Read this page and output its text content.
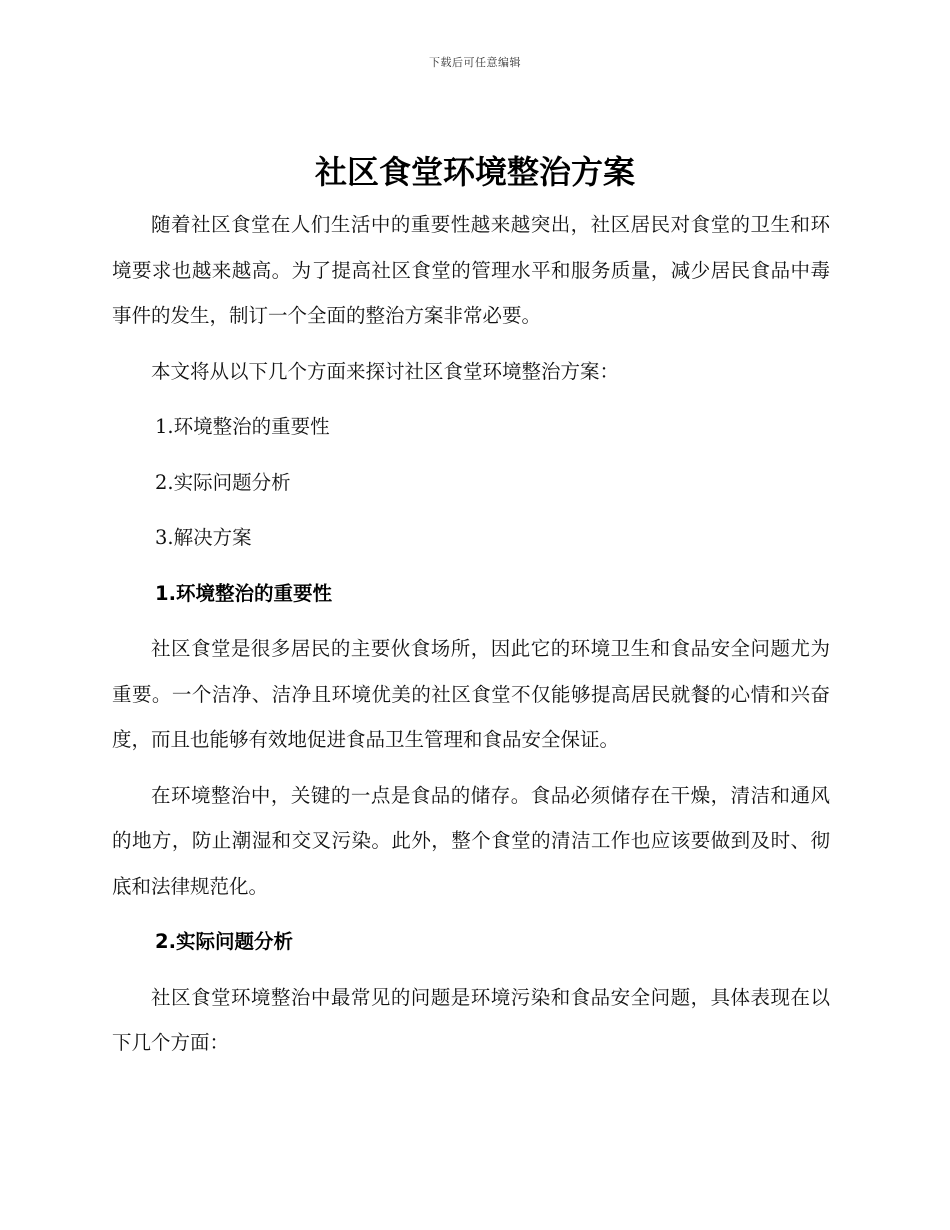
下载后可任意编辑
社区食堂环境整治方案

随着社区食堂在人们生活中的重要性越来越突出，社区居民对食堂的卫生和环境要求也越来越高。为了提高社区食堂的管理水平和服务质量，减少居民食品中毒事件的发生，制订一个全面的整治方案非常必要。

本文将从以下几个方面来探讨社区食堂环境整治方案：

1.环境整治的重要性

2.实际问题分析

3.解决方案

1.环境整治的重要性

社区食堂是很多居民的主要伙食场所，因此它的环境卫生和食品安全问题尤为重要。一个洁净、洁净且环境优美的社区食堂不仅能够提高居民就餐的心情和兴奋度，而且也能够有效地促进食品卫生管理和食品安全保证。

在环境整治中，关键的一点是食品的储存。食品必须储存在干燥，清洁和通风的地方，防止潮湿和交叉污染。此外，整个食堂的清洁工作也应该要做到及时、彻底和法律规范化。

2.实际问题分析

社区食堂环境整治中最常见的问题是环境污染和食品安全问题，具体表现在以下几个方面：
